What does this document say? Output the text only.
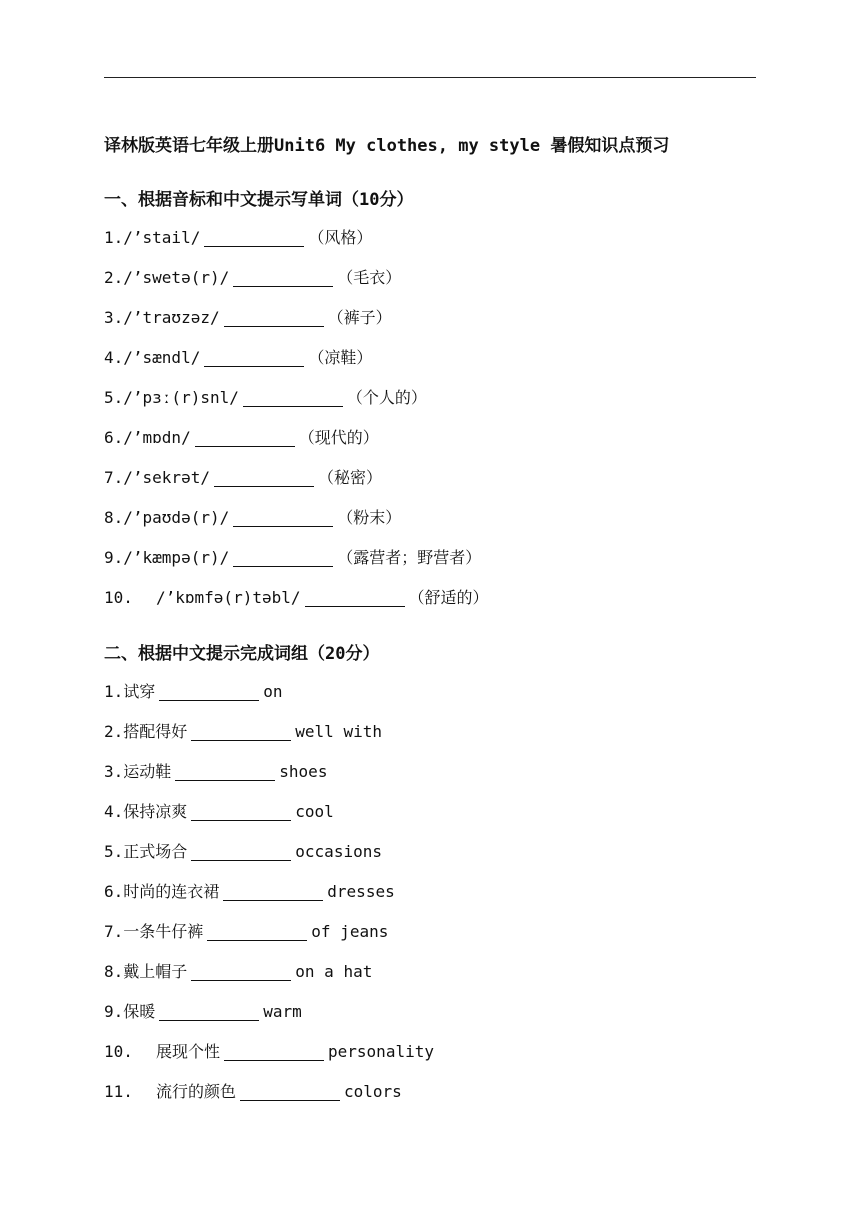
译林版英语七年级上册Unit6 My clothes, my style 暑假知识点预习
一、根据音标和中文提示写单词（10分）
1./’stail/	（风格）
2./’swetə(r)/	（毛衣）
3./’traʊzəz/	（裤子）
4./’sændl/	（凉鞋）
5./’pɜː(r)snl/	（个人的）
6./’mɒdn/	（现代的）
7./’sekrət/	（秘密）
8./’paʊdə(r)/	（粉末）
9./’kæmpə(r)/	（露营者；野营者）
10. /’kɒmfə(r)təbl/	（舒适的）
二、根据中文提示完成词组（20分）
1.试穿	on
2.搭配得好	well with
3.运动鞋	shoes
4.保持凉爽	cool
5.正式场合	occasions
6.时尚的连衣裙	dresses
7.一条牛仔裤	of jeans
8.戴上帽子	on a hat
9.保暖	warm
10. 展现个性	personality
11. 流行的颜色	colors
